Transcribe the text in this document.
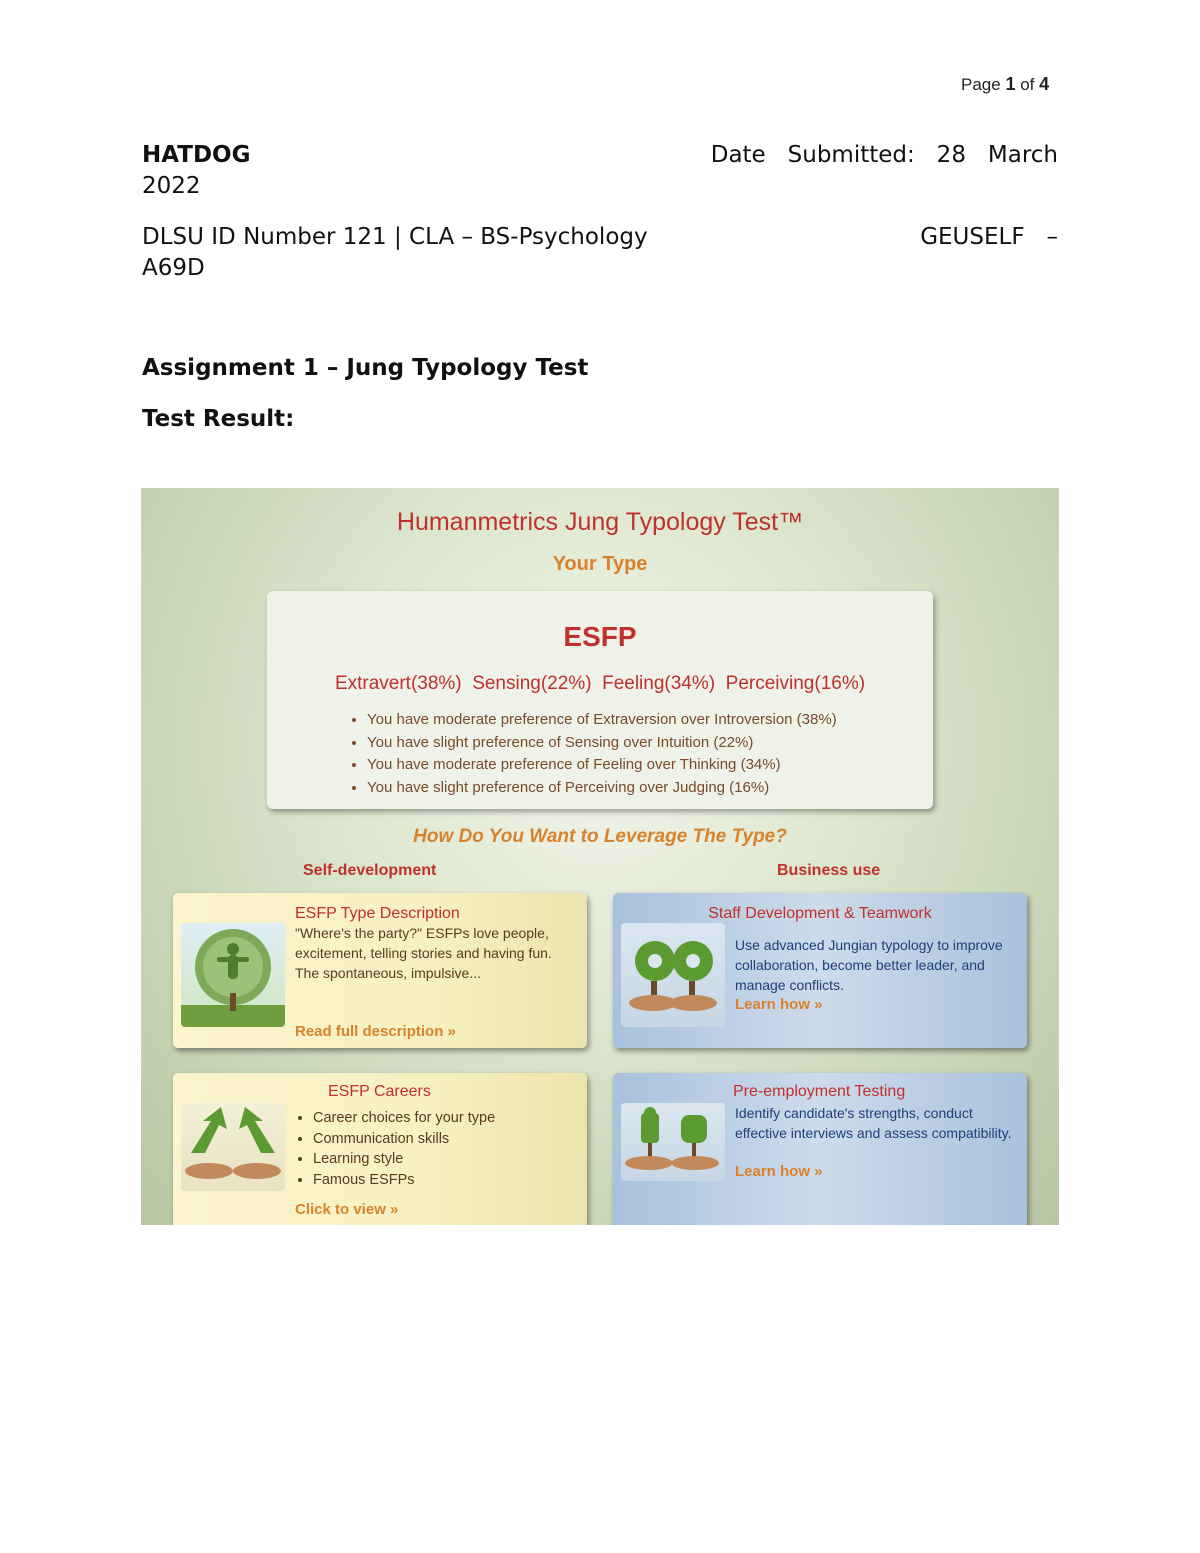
Page 1 of 4
HATDOG	Date   Submitted:   28   March
2022
DLSU ID Number 121 | CLA – BS-Psychology	GEUSELF   –
A69D
Assignment 1 – Jung Typology Test
Test Result:
Humanmetrics Jung Typology Test™
Your Type
ESFP
Extravert(38%)  Sensing(22%)  Feeling(34%)  Perceiving(16%)
• You have moderate preference of Extraversion over Introversion (38%)
• You have slight preference of Sensing over Intuition (22%)
• You have moderate preference of Feeling over Thinking (34%)
• You have slight preference of Perceiving over Judging (16%)
How Do You Want to Leverage The Type?
Self-development	Business use
ESFP Type Description
"Where's the party?" ESFPs love people, excitement, telling stories and having fun. The spontaneous, impulsive...
Read full description »
Staff Development & Teamwork
Use advanced Jungian typology to improve collaboration, become better leader, and manage conflicts.
Learn how »
ESFP Careers
• Career choices for your type
• Communication skills
• Learning style
• Famous ESFPs
Click to view »
Pre-employment Testing
Identify candidate's strengths, conduct effective interviews and assess compatibility.
Learn how »
